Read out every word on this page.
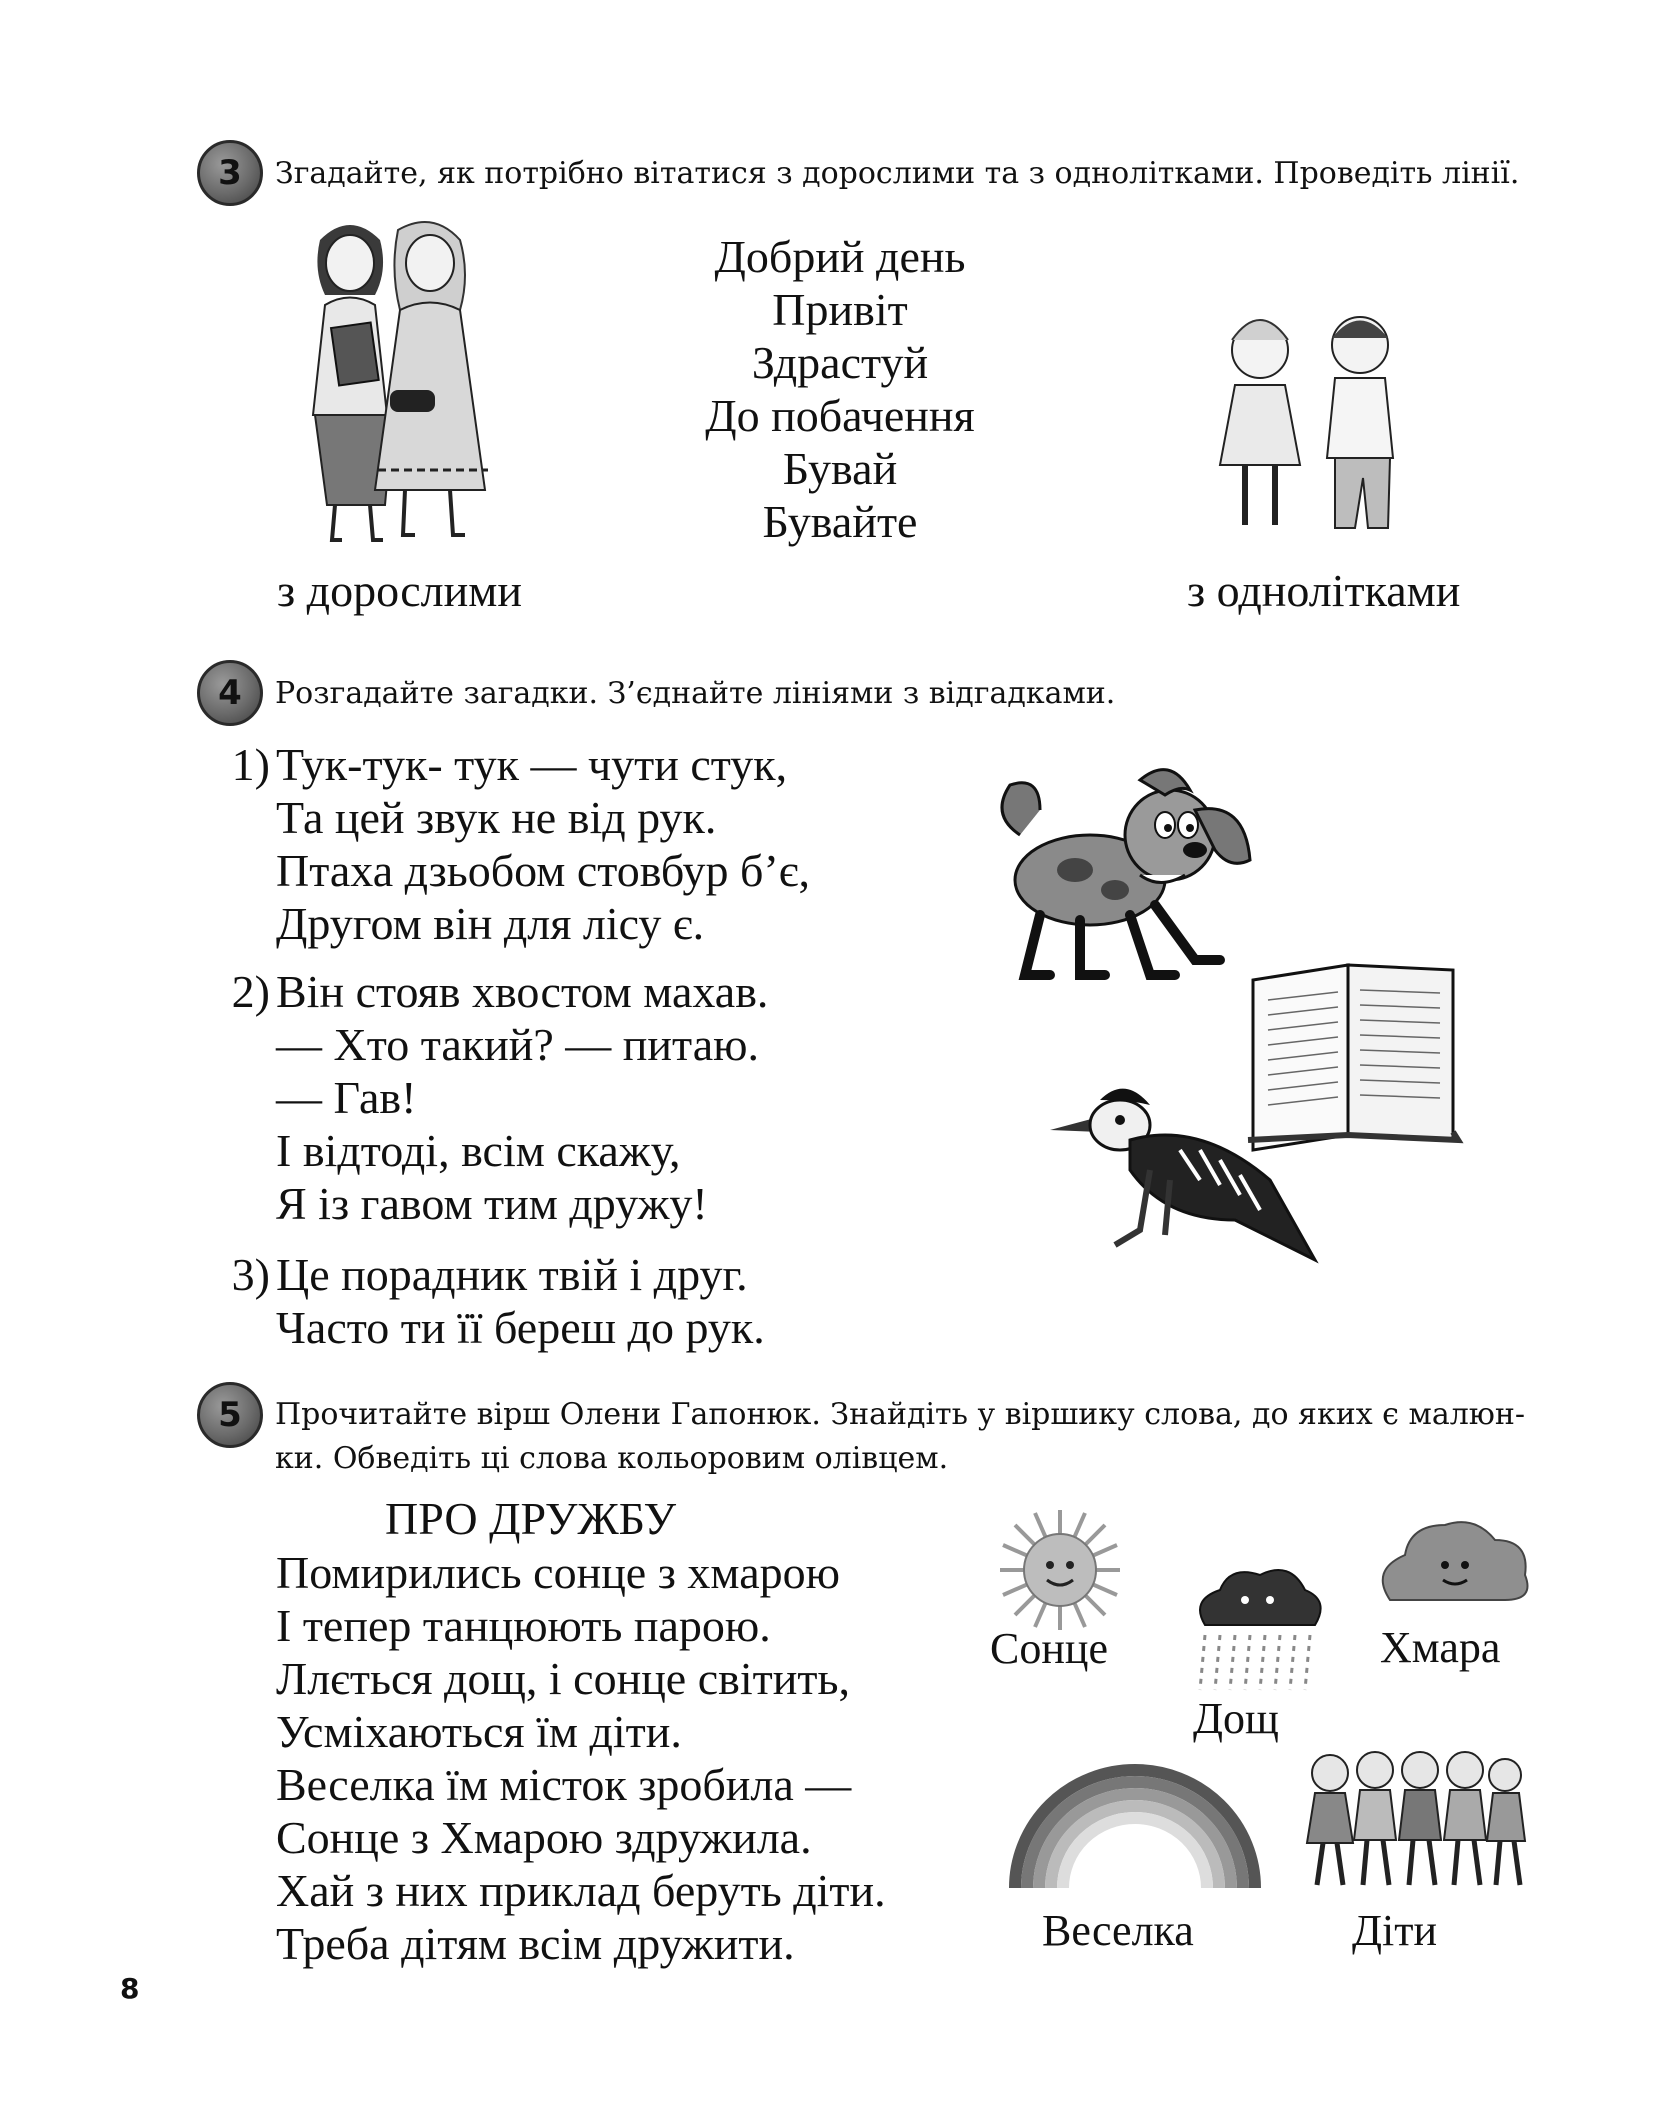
3	Згадайте, як потрібно вітатися з дорослими та з однолітками. Проведіть лінії.
Добрий день
Привіт
Здрастуй
До побачення
Бувай
Бувайте
з дорослими	з однолітками
4	Розгадайте загадки. З’єднайте лініями з відгадками.
1) Тук-тук- тук — чути стук,
Та цей звук не від рук.
Птаха дзьобом стовбур б’є,
Другом він для лісу є.
2) Він стояв хвостом махав.
— Хто такий? — питаю.
— Гав!
І відтоді, всім скажу,
Я із гавом тим дружу!
3) Це порадник твій і друг.
Часто ти її береш до рук.
5	Прочитайте вірш Олени Гапонюк. Знайдіть у віршику слова, до яких є малюн-
ки. Обведіть ці слова кольоровим олівцем.
ПРО ДРУЖБУ
Помирились сонце з хмарою
І тепер танцюють парою.
Ллється дощ, і сонце світить,
Усміхаються їм діти.
Веселка їм місток зробила —
Сонце з Хмарою здружила.
Хай з них приклад беруть діти.
Треба дітям всім дружити.
Сонце
Дощ
Хмара
Веселка	Діти
8
